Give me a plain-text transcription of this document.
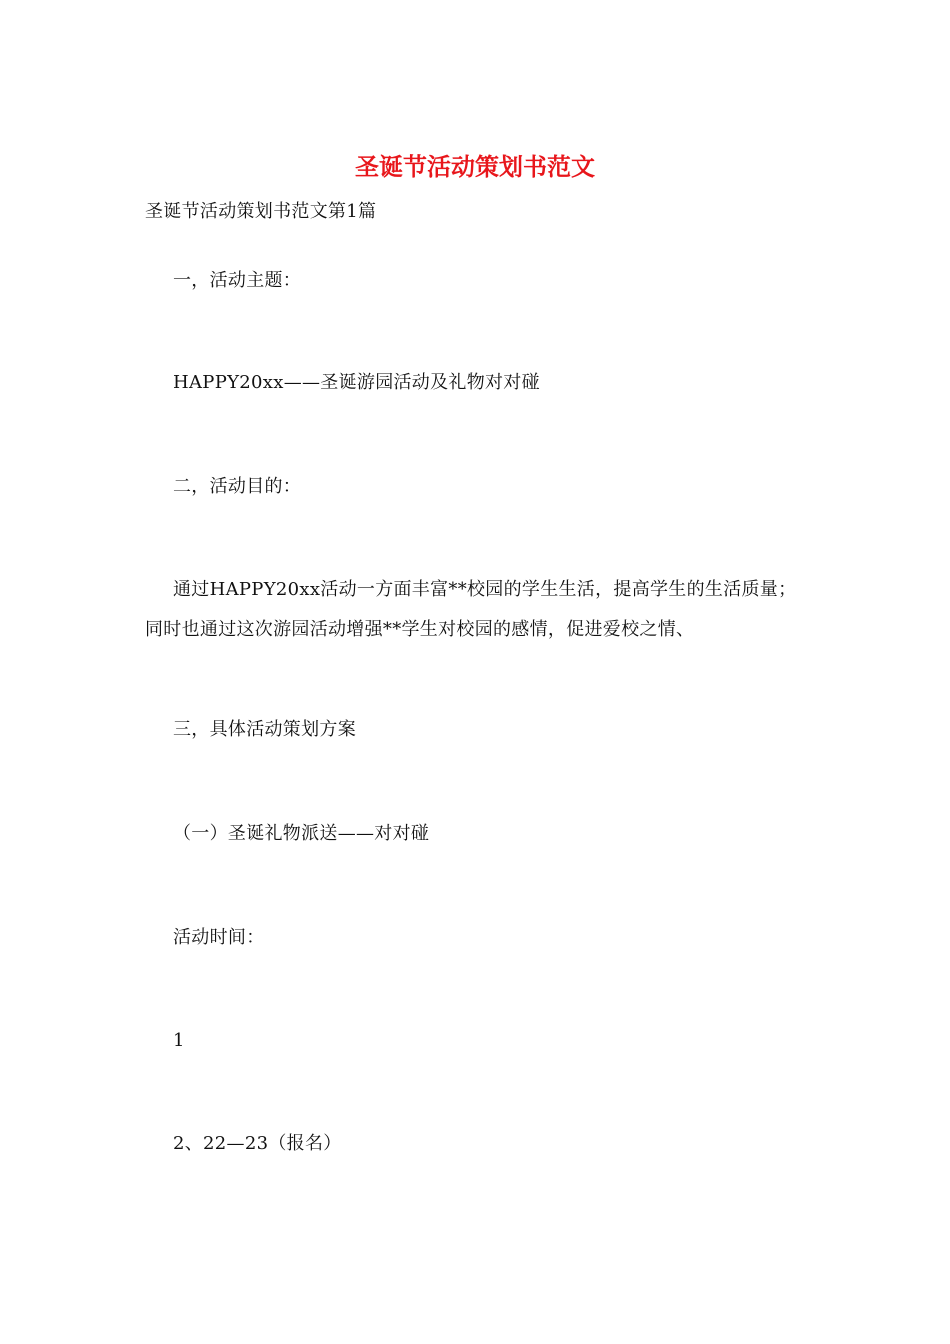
圣诞节活动策划书范文
圣诞节活动策划书范文第1篇
一，活动主题：
HAPPY20xx——圣诞游园活动及礼物对对碰
二，活动目的：
通过HAPPY20xx活动一方面丰富**校园的学生生活，提高学生的生活质量；
同时也通过这次游园活动增强**学生对校园的感情，促进爱校之情、
三，具体活动策划方案
（一）圣诞礼物派送——对对碰
活动时间：
1
2、22—23（报名）
